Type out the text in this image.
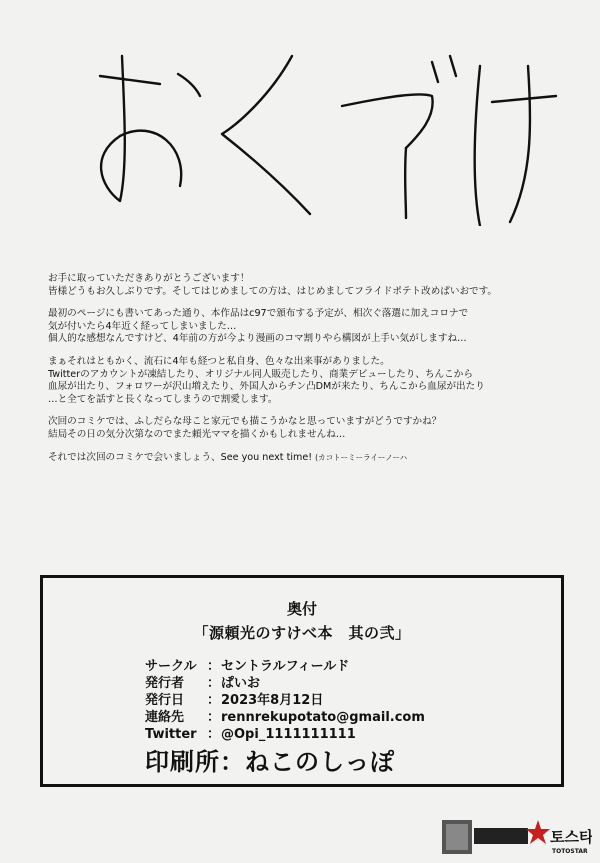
お手に取っていただきありがとうございます！
皆様どうもお久しぶりです。そしてはじめましての方は、はじめましてフライドポテト改めぱいおです。
最初のページにも書いてあった通り、本作品はc97で頒布する予定が、相次ぐ落選に加えコロナで
気が付いたら4年近く経ってしまいました…
個人的な感想なんですけど、4年前の方が今より漫画のコマ割りやら構図が上手い気がしますね…
まぁそれはともかく、流石に4年も経つと私自身、色々な出来事がありました。
Twitterのアカウントが凍結したり、オリジナル同人販売したり、商業デビューしたり、ちんこから
血尿が出たり、フォロワーが沢山増えたり、外国人からチン凸DMが来たり、ちんこから血尿が出たり
…と全てを話すと長くなってしまうので割愛します。
次回のコミケでは、ふしだらな母こと家元でも描こうかなと思っていますがどうですかね？
結局その日の気分次第なのでまた頼光ママを描くかもしれませんね…
それでは次回のコミケで会いましょう、See you next time! (カコトーミーライーノーハ
奥付
「源頼光のすけべ本　其の弐」
サークル ：セントラルフィールド
発行者 ：ぱいお
発行日 ：2023年8月12日
連絡先 ：rennrekupotato@gmail.com
Twitter ：@Opi_1111111111
印刷所：ねこのしっぽ
토스타
TOTOSTAR
